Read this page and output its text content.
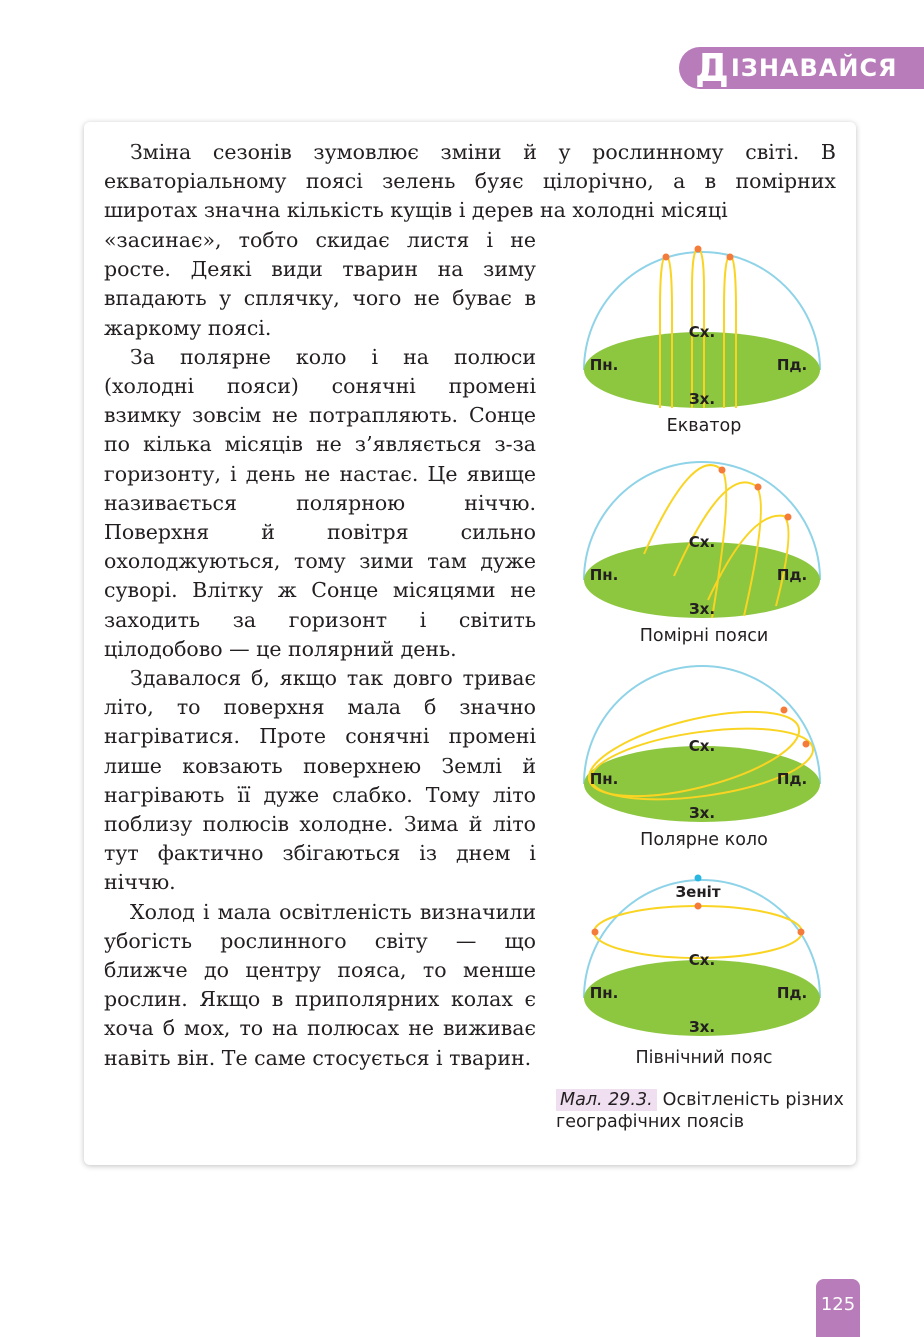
Д ІЗНАВАЙСЯ

Зміна сезонів зумовлює зміни й у рослинному світі. В екваторіальному поясі зелень буяє цілорічно, а в помірних широтах значна кількість кущів і дерев на холодні місяці

«засинає», тобто скидає листя і не росте. Деякі види тварин на зиму впадають у сплячку, чого не буває в жаркому поясі.

За полярне коло і на полюси (холодні пояси) сонячні промені взимку зовсім не потрапляють. Сонце по кілька місяців не з’являється з-за горизонту, і день не настає. Це явище називається полярною ніччю. Поверхня й повітря сильно охолоджуються, тому зими там дуже суворі. Влітку ж Сонце місяцями не заходить за горизонт і світить цілодобово — це полярний день.

Здавалося б, якщо так довго триває літо, то поверхня мала б значно нагріватися. Проте сонячні промені лише ковзають поверхнею Землі й нагрівають її дуже слабко. Тому літо поблизу полюсів холодне. Зима й літо тут фактично збігаються із днем і ніччю.

Холод і мала освітленість визначили убогість рослинного світу — що ближче до центру пояса, то менше рослин. Якщо в приполярних колах є хоча б мох, то на полюсах не виживає навіть він. Те саме стосується і тварин.

Сх.
Пн.	Пд.
Зх.
Екватор
Сх.
Пн.	Пд.
Зх.
Помірні пояси
Сх.
Пн.	Пд.
Зх.
Полярне коло
Зеніт
Сх.
Пн.	Пд.
Зх.
Північний пояс
Мал. 29.3. Освітленість різних географічних поясів
125
